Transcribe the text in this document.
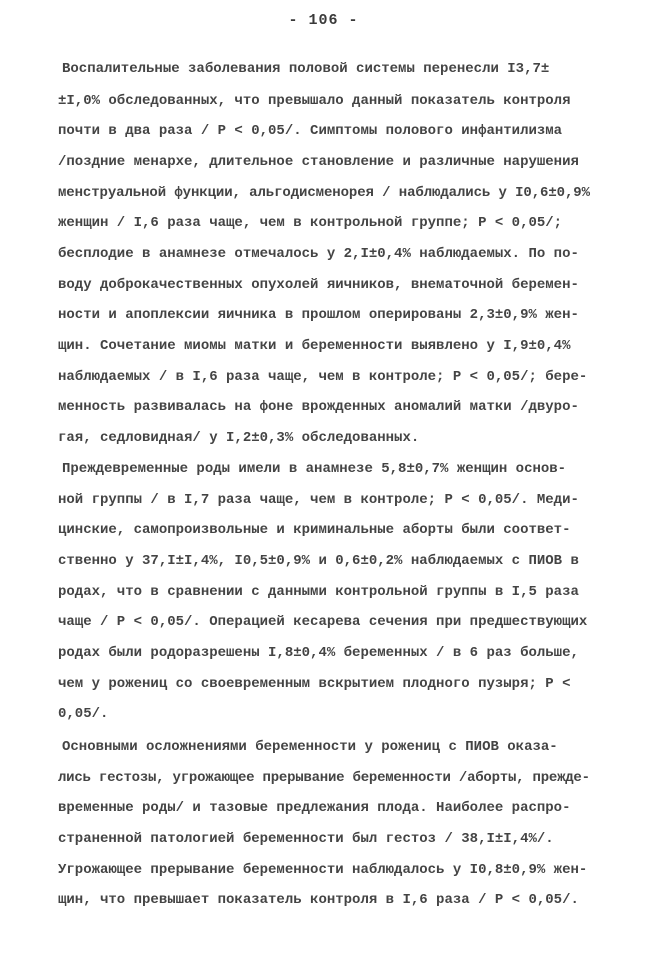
- 106 -
Воспалительные заболевания половой системы перенесли I3,7±
±I,0% обследованных, что превышало данный показатель контроля
почти в два раза / P < 0,05/. Симптомы полового инфантилизма
/поздние менархе, длительное становление и различные нарушения
менструальной функции, альгодисменорея / наблюдались у I0,6±0,9%
женщин / I,6 раза чаще, чем в контрольной группе; P < 0,05/;
бесплодие в анамнезе отмечалось у 2,I±0,4% наблюдаемых. По по-
воду доброкачественных опухолей яичников, внематочной беремен-
ности и апоплексии яичника в прошлом оперированы 2,3±0,9% жен-
щин. Сочетание миомы матки и беременности выявлено у I,9±0,4%
наблюдаемых / в I,6 раза чаще, чем в контроле; P < 0,05/; бере-
менность развивалась на фоне врожденных аномалий матки /двуро-
гая, седловидная/ у I,2±0,3% обследованных.
Преждевременные роды имели в анамнезе 5,8±0,7% женщин основ-
ной группы / в I,7 раза чаще, чем в контроле; P < 0,05/. Меди-
цинские, самопроизвольные и криминальные аборты были соответ-
ственно у 37,I±I,4%, I0,5±0,9% и 0,6±0,2% наблюдаемых с ПИОВ в
родах, что в сравнении с данными контрольной группы в I,5 раза
чаще / P < 0,05/. Операцией кесарева сечения при предшествующих
родах были родоразрешены I,8±0,4% беременных / в 6 раз больше,
чем у рожениц со своевременным вскрытием плодного пузыря; P <
0,05/.
Основными осложнениями беременности у рожениц с ПИОВ оказа-
лись гестозы, угрожающее прерывание беременности /аборты, прежде-
временные роды/ и тазовые предлежания плода. Наиболее распро-
страненной патологией беременности был гестоз / 38,I±I,4%/.
Угрожающее прерывание беременности наблюдалось у I0,8±0,9% жен-
щин, что превышает показатель контроля в I,6 раза / P < 0,05/.
